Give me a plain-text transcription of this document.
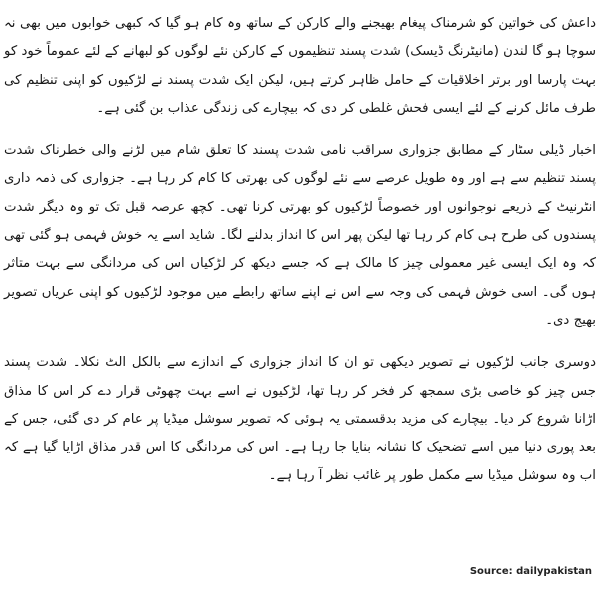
داعش کی خواتین کو شرمناک پیغام بھیجنے والے کارکن کے ساتھ وہ کام ہو گیا کہ کبھی خوابوں میں بھی نہ سوچا ہو گا لندن (مانیٹرنگ ڈیسک) شدت پسند تنظیموں کے کارکن نئے لوگوں کو لبھانے کے لئے عموماً خود کو بہت پارسا اور برتر اخلاقیات کے حامل ظاہر کرتے ہیں، لیکن ایک شدت پسند نے لڑکیوں کو اپنی تنظیم کی طرف مائل کرنے کے لئے ایسی فحش غلطی کر دی کہ بیچارے کی زندگی عذاب بن گئی ہے۔

اخبار ڈیلی سٹار کے مطابق جزواری سراقب نامی شدت پسند کا تعلق شام میں لڑنے والی خطرناک شدت پسند تنظیم سے ہے اور وہ طویل عرصے سے نئے لوگوں کی بھرتی کا کام کر رہا ہے۔ جزواری کی ذمہ داری انٹرنیٹ کے ذریعے نوجوانوں اور خصوصاً لڑکیوں کو بھرتی کرنا تھی۔ کچھ عرصہ قبل تک تو وہ دیگر شدت پسندوں کی طرح ہی کام کر رہا تھا لیکن پھر اس کا انداز بدلنے لگا۔ شاید اسے یہ خوش فہمی ہو گئی تھی کہ وہ ایک ایسی غیر معمولی چیز کا مالک ہے کہ جسے دیکھ کر لڑکیاں اس کی مردانگی سے بہت متاثر ہوں گی۔ اسی خوش فہمی کی وجہ سے اس نے اپنے ساتھ رابطے میں موجود لڑکیوں کو اپنی عریاں تصویر بھیج دی۔

دوسری جانب لڑکیوں نے تصویر دیکھی تو ان کا انداز جزواری کے اندازے سے بالکل الٹ نکلا۔ شدت پسند جس چیز کو خاصی بڑی سمجھ کر فخر کر رہا تھا، لڑکیوں نے اسے بہت چھوٹی قرار دے کر اس کا مذاق اڑانا شروع کر دیا۔ بیچارے کی مزید بدقسمتی یہ ہوئی کہ تصویر سوشل میڈیا پر عام کر دی گئی، جس کے بعد پوری دنیا میں اسے تضحیک کا نشانہ بنایا جا رہا ہے۔ اس کی مردانگی کا اس قدر مذاق اڑایا گیا ہے کہ اب وہ سوشل میڈیا سے مکمل طور پر غائب نظر آ رہا ہے۔

Source: dailypakistan
